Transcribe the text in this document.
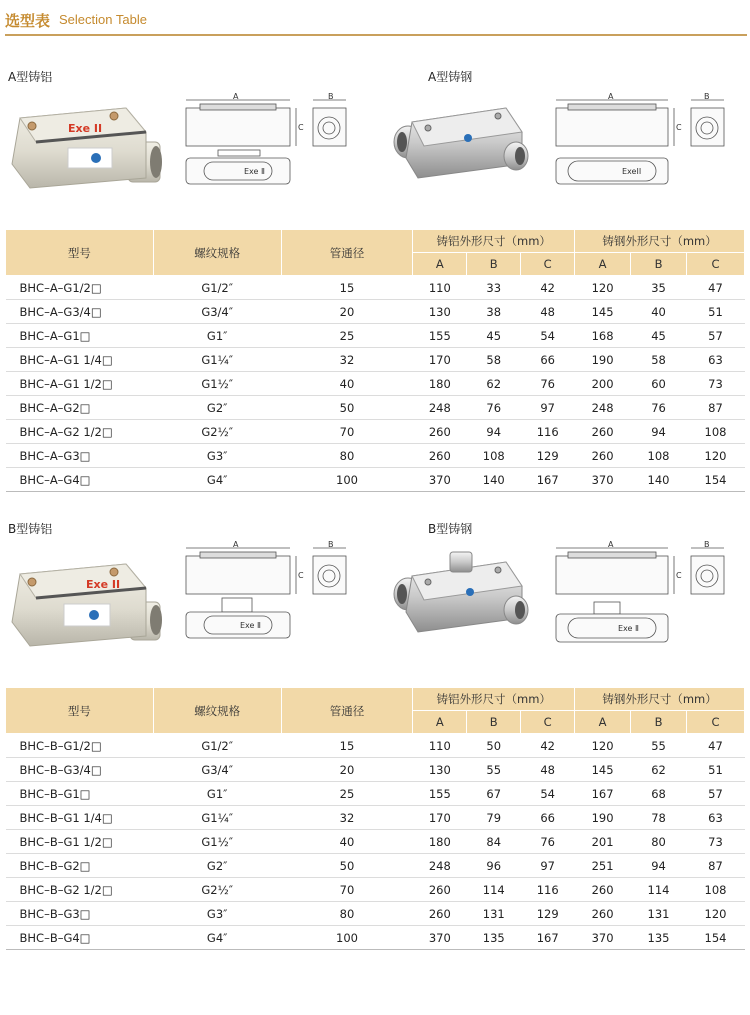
选型表 Selection Table
A型铸铝	A型铸钢
Exe II
A
Exe Ⅱ
C
B	A
ExeII
C
B
型号	螺纹规格	管通径	铸铝外形尺寸（mm）			铸钢外形尺寸（mm）		
			A	B	C	A	B	C
BHC–A–G1/2□	G1/2″	15	110	33	42	120	35	47
BHC–A–G3/4□	G3/4″	20	130	38	48	145	40	51
BHC–A–G1□	G1″	25	155	45	54	168	45	57
BHC–A–G1 1/4□	G1¼″	32	170	58	66	190	58	63
BHC–A–G1 1/2□	G1½″	40	180	62	76	200	60	73
BHC–A–G2□	G2″	50	248	76	97	248	76	87
BHC–A–G2 1/2□	G2½″	70	260	94	116	260	94	108
BHC–A–G3□	G3″	80	260	108	129	260	108	120
BHC–A–G4□	G4″	100	370	140	167	370	140	154
B型铸铝	B型铸钢
Exe II
A
Exe Ⅱ
C
B	A
Exe Ⅱ
C
B
型号	螺纹规格	管通径	铸铝外形尺寸（mm）			铸钢外形尺寸（mm）		
			A	B	C	A	B	C
BHC–B–G1/2□	G1/2″	15	110	50	42	120	55	47
BHC–B–G3/4□	G3/4″	20	130	55	48	145	62	51
BHC–B–G1□	G1″	25	155	67	54	167	68	57
BHC–B–G1 1/4□	G1¼″	32	170	79	66	190	78	63
BHC–B–G1 1/2□	G1½″	40	180	84	76	201	80	73
BHC–B–G2□	G2″	50	248	96	97	251	94	87
BHC–B–G2 1/2□	G2½″	70	260	114	116	260	114	108
BHC–B–G3□	G3″	80	260	131	129	260	131	120
BHC–B–G4□	G4″	100	370	135	167	370	135	154
